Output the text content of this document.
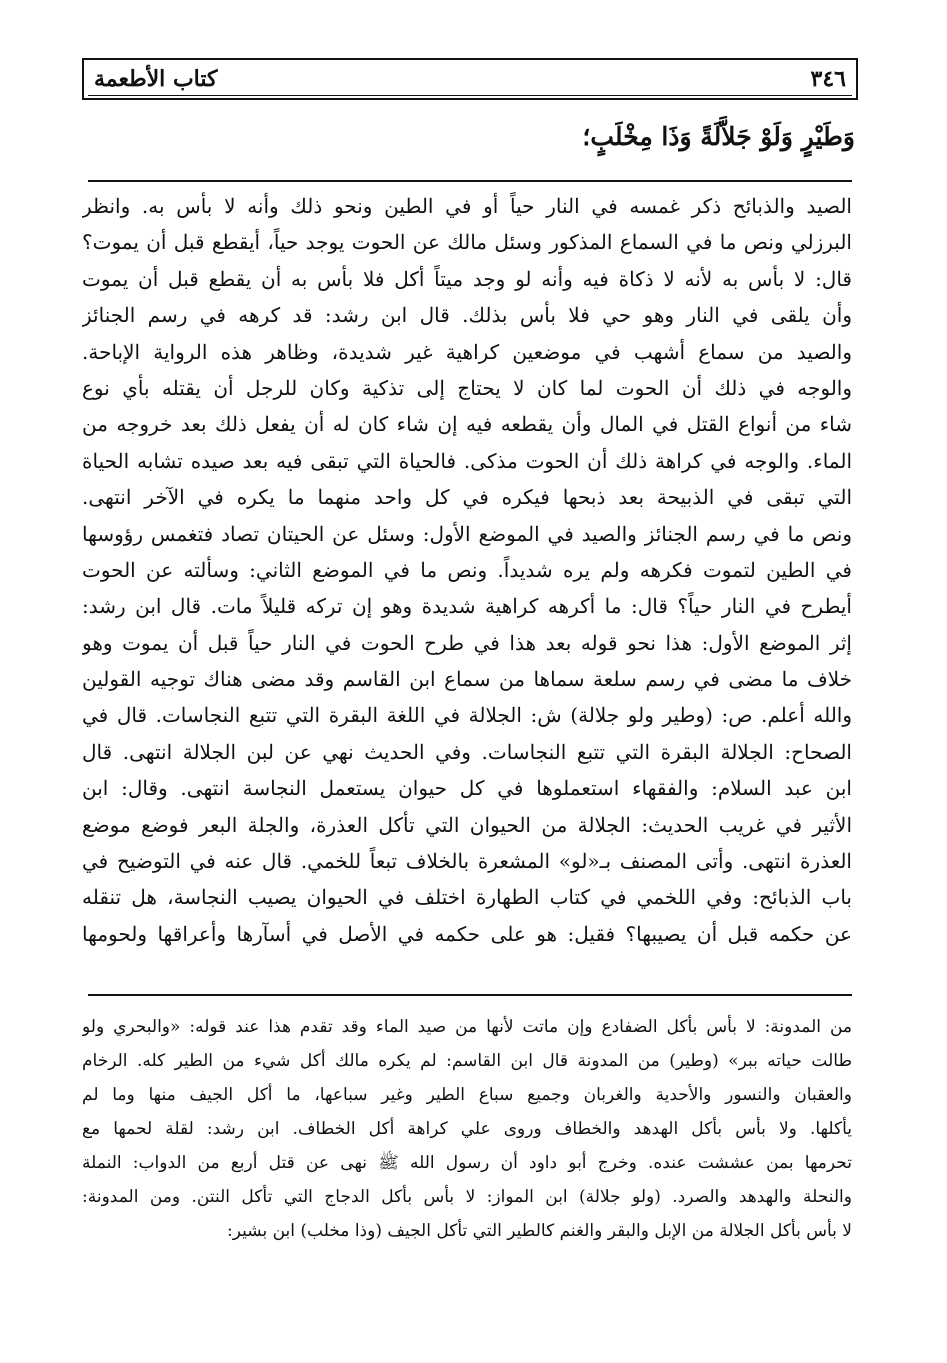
٣٤٦
كتاب الأطعمة
وَطَيْرٍ وَلَوْ جَلاَّلَةً وَذَا مِخْلَبٍ؛
الصيد والذبائح ذكر غمسه في النار حياً أو في الطين ونحو ذلك وأنه لا بأس به. وانظر
البرزلي ونص ما في السماع المذكور وسئل مالك عن الحوت يوجد حياً، أيقطع قبل أن يموت؟
قال: لا بأس به لأنه لا ذكاة فيه وأنه لو وجد ميتاً أكل فلا بأس به أن يقطع قبل أن يموت
وأن يلقى في النار وهو حي فلا بأس بذلك. قال ابن رشد: قد كرهه في رسم الجنائز
والصيد من سماع أشهب في موضعين كراهية غير شديدة، وظاهر هذه الرواية الإباحة.
والوجه في ذلك أن الحوت لما كان لا يحتاج إلى تذكية وكان للرجل أن يقتله بأي نوع
شاء من أنواع القتل في المال وأن يقطعه فيه إن شاء كان له أن يفعل ذلك بعد خروجه من
الماء. والوجه في كراهة ذلك أن الحوت مذكى. فالحياة التي تبقى فيه بعد صيده تشابه الحياة
التي تبقى في الذبيحة بعد ذبحها فيكره في كل واحد منهما ما يكره في الآخر انتهى.
ونص ما في رسم الجنائز والصيد في الموضع الأول: وسئل عن الحيتان تصاد فتغمس رؤوسها
في الطين لتموت فكرهه ولم يره شديداً. ونص ما في الموضع الثاني: وسألته عن الحوت
أيطرح في النار حياً؟ قال: ما أكرهه كراهية شديدة وهو إن تركه قليلاً مات. قال ابن رشد:
إثر الموضع الأول: هذا نحو قوله بعد هذا في طرح الحوت في النار حياً قبل أن يموت وهو
خلاف ما مضى في رسم سلعة سماها من سماع ابن القاسم وقد مضى هناك توجيه القولين
والله أعلم. ص: (وطير ولو جلالة) ش: الجلالة في اللغة البقرة التي تتبع النجاسات. قال في
الصحاح: الجلالة البقرة التي تتبع النجاسات. وفي الحديث نهي عن لبن الجلالة انتهى. قال
ابن عبد السلام: والفقهاء استعملوها في كل حيوان يستعمل النجاسة انتهى. وقال: ابن
الأثير في غريب الحديث: الجلالة من الحيوان التي تأكل العذرة، والجلة البعر فوضع موضع
العذرة انتهى. وأتى المصنف بـ«لو» المشعرة بالخلاف تبعاً للخمي. قال عنه في التوضيح في
باب الذبائح: وفي اللخمي في كتاب الطهارة اختلف في الحيوان يصيب النجاسة، هل تنقله
عن حكمه قبل أن يصيبها؟ فقيل: هو على حكمه في الأصل في أسآرها وأعراقها ولحومها
من المدونة: لا بأس بأكل الضفادع وإن ماتت لأنها من صيد الماء وقد تقدم هذا عند قوله: «والبحري ولو
طالت حياته ببر» (وطير) من المدونة قال ابن القاسم: لم يكره مالك أكل شيء من الطير كله. الرخام
والعقبان والنسور والأحدية والغربان وجميع سباع الطير وغير سباعها، ما أكل الجيف منها وما لم
يأكلها. ولا بأس بأكل الهدهد والخطاف وروى علي كراهة أكل الخطاف. ابن رشد: لقلة لحمها مع
تحرمها بمن عششت عنده. وخرج أبو داود أن رسول الله ﷺ نهى عن قتل أربع من الدواب: النملة
والنحلة والهدهد والصرد. (ولو جلالة) ابن المواز: لا بأس بأكل الدجاج التي تأكل النتن. ومن المدونة:
لا بأس بأكل الجلالة من الإبل والبقر والغنم كالطير التي تأكل الجيف (وذا مخلب) ابن بشير:
